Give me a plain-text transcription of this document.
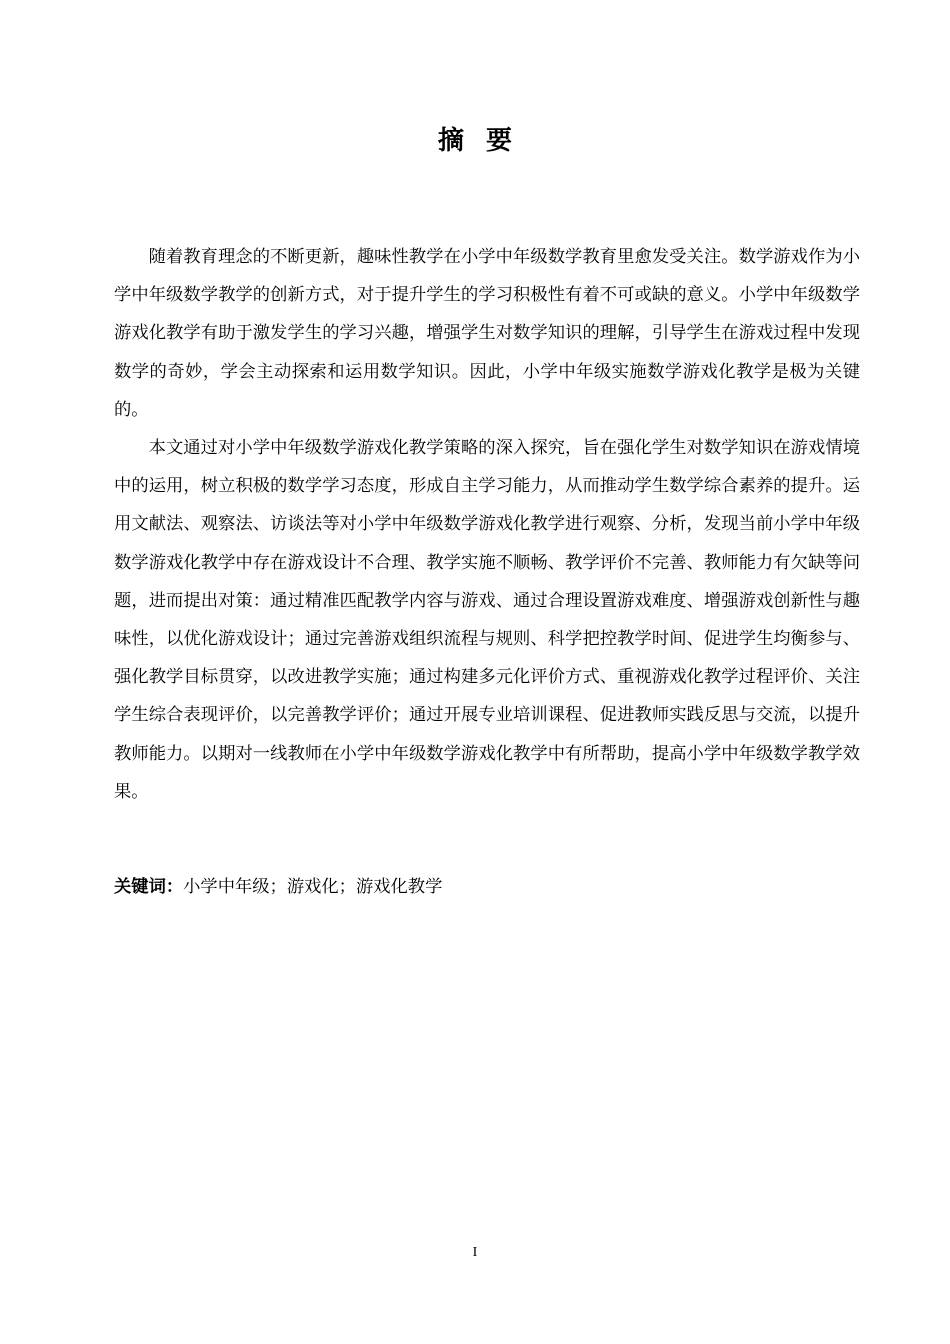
摘要

随着教育理念的不断更新，趣味性教学在小学中年级数学教育里愈发受关注。数学游戏作为小学中年级数学教学的创新方式，对于提升学生的学习积极性有着不可或缺的意义。小学中年级数学游戏化教学有助于激发学生的学习兴趣，增强学生对数学知识的理解，引导学生在游戏过程中发现数学的奇妙，学会主动探索和运用数学知识。因此，小学中年级实施数学游戏化教学是极为关键的。

本文通过对小学中年级数学游戏化教学策略的深入探究，旨在强化学生对数学知识在游戏情境中的运用，树立积极的数学学习态度，形成自主学习能力，从而推动学生数学综合素养的提升。运用文献法、观察法、访谈法等对小学中年级数学游戏化教学进行观察、分析，发现当前小学中年级数学游戏化教学中存在游戏设计不合理、教学实施不顺畅、教学评价不完善、教师能力有欠缺等问题，进而提出对策：通过精准匹配教学内容与游戏、通过合理设置游戏难度、增强游戏创新性与趣味性，以优化游戏设计；通过完善游戏组织流程与规则、科学把控教学时间、促进学生均衡参与、强化教学目标贯穿，以改进教学实施；通过构建多元化评价方式、重视游戏化教学过程评价、关注学生综合表现评价，以完善教学评价；通过开展专业培训课程、促进教师实践反思与交流，以提升教师能力。以期对一线教师在小学中年级数学游戏化教学中有所帮助，提高小学中年级数学教学效果。

关键词：小学中年级；游戏化；游戏化教学
I
